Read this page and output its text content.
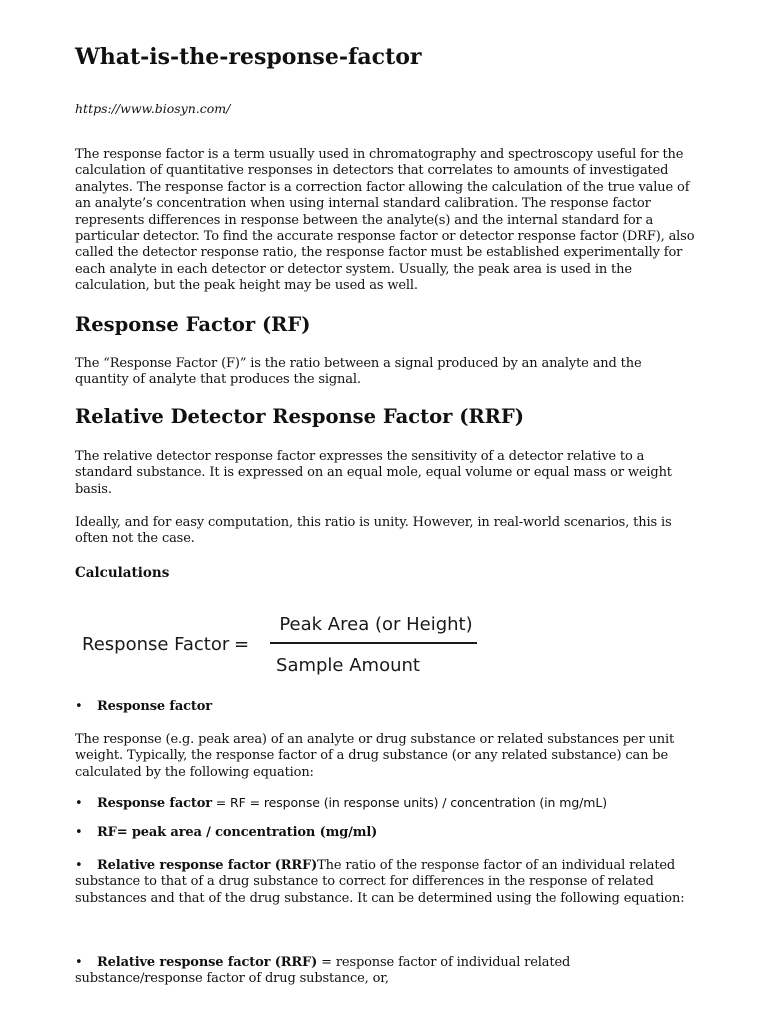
What-is-the-response-factor
https://www.biosyn.com/

The response factor is a term usually used in chromatography and spectroscopy useful for the calculation of quantitative responses in detectors that correlates to amounts of investigated analytes. The response factor is a correction factor allowing the calculation of the true value of an analyte’s concentration when using internal standard calibration. The response factor represents differences in response between the analyte(s) and the internal standard for a particular detector. To find the accurate response factor or detector response factor (DRF), also called the detector response ratio, the response factor must be established experimentally for each analyte in each detector or detector system. Usually, the peak area is used in the calculation, but the peak height may be used as well.

Response Factor (RF)

The “Response Factor (F)” is the ratio between a signal produced by an analyte and the quantity of analyte that produces the signal.

Relative Detector Response Factor (RRF)

The relative detector response factor expresses the sensitivity of a detector relative to a standard substance. It is expressed on an equal mole, equal volume or equal mass or weight basis.

Ideally, and for easy computation, this ratio is unity. However, in real-world scenarios, this is often not the case.

Calculations
Response Factor =
Peak Area (or Height)
Sample Amount
• Response factor

The response (e.g. peak area) of an analyte or drug substance or related substances per unit weight. Typically, the response factor of a drug substance (or any related substance) can be calculated by the following equation:

• Response factor = RF = response (in response units) / concentration (in mg/mL)
• RF= peak area / concentration (mg/ml)
• Relative response factor (RRF)The ratio of the response factor of an individual related substance to that of a drug substance to correct for differences in the response of related substances and that of the drug substance. It can be determined using the following equation:
• Relative response factor (RRF) = response factor of individual related substance/response factor of drug substance, or,
